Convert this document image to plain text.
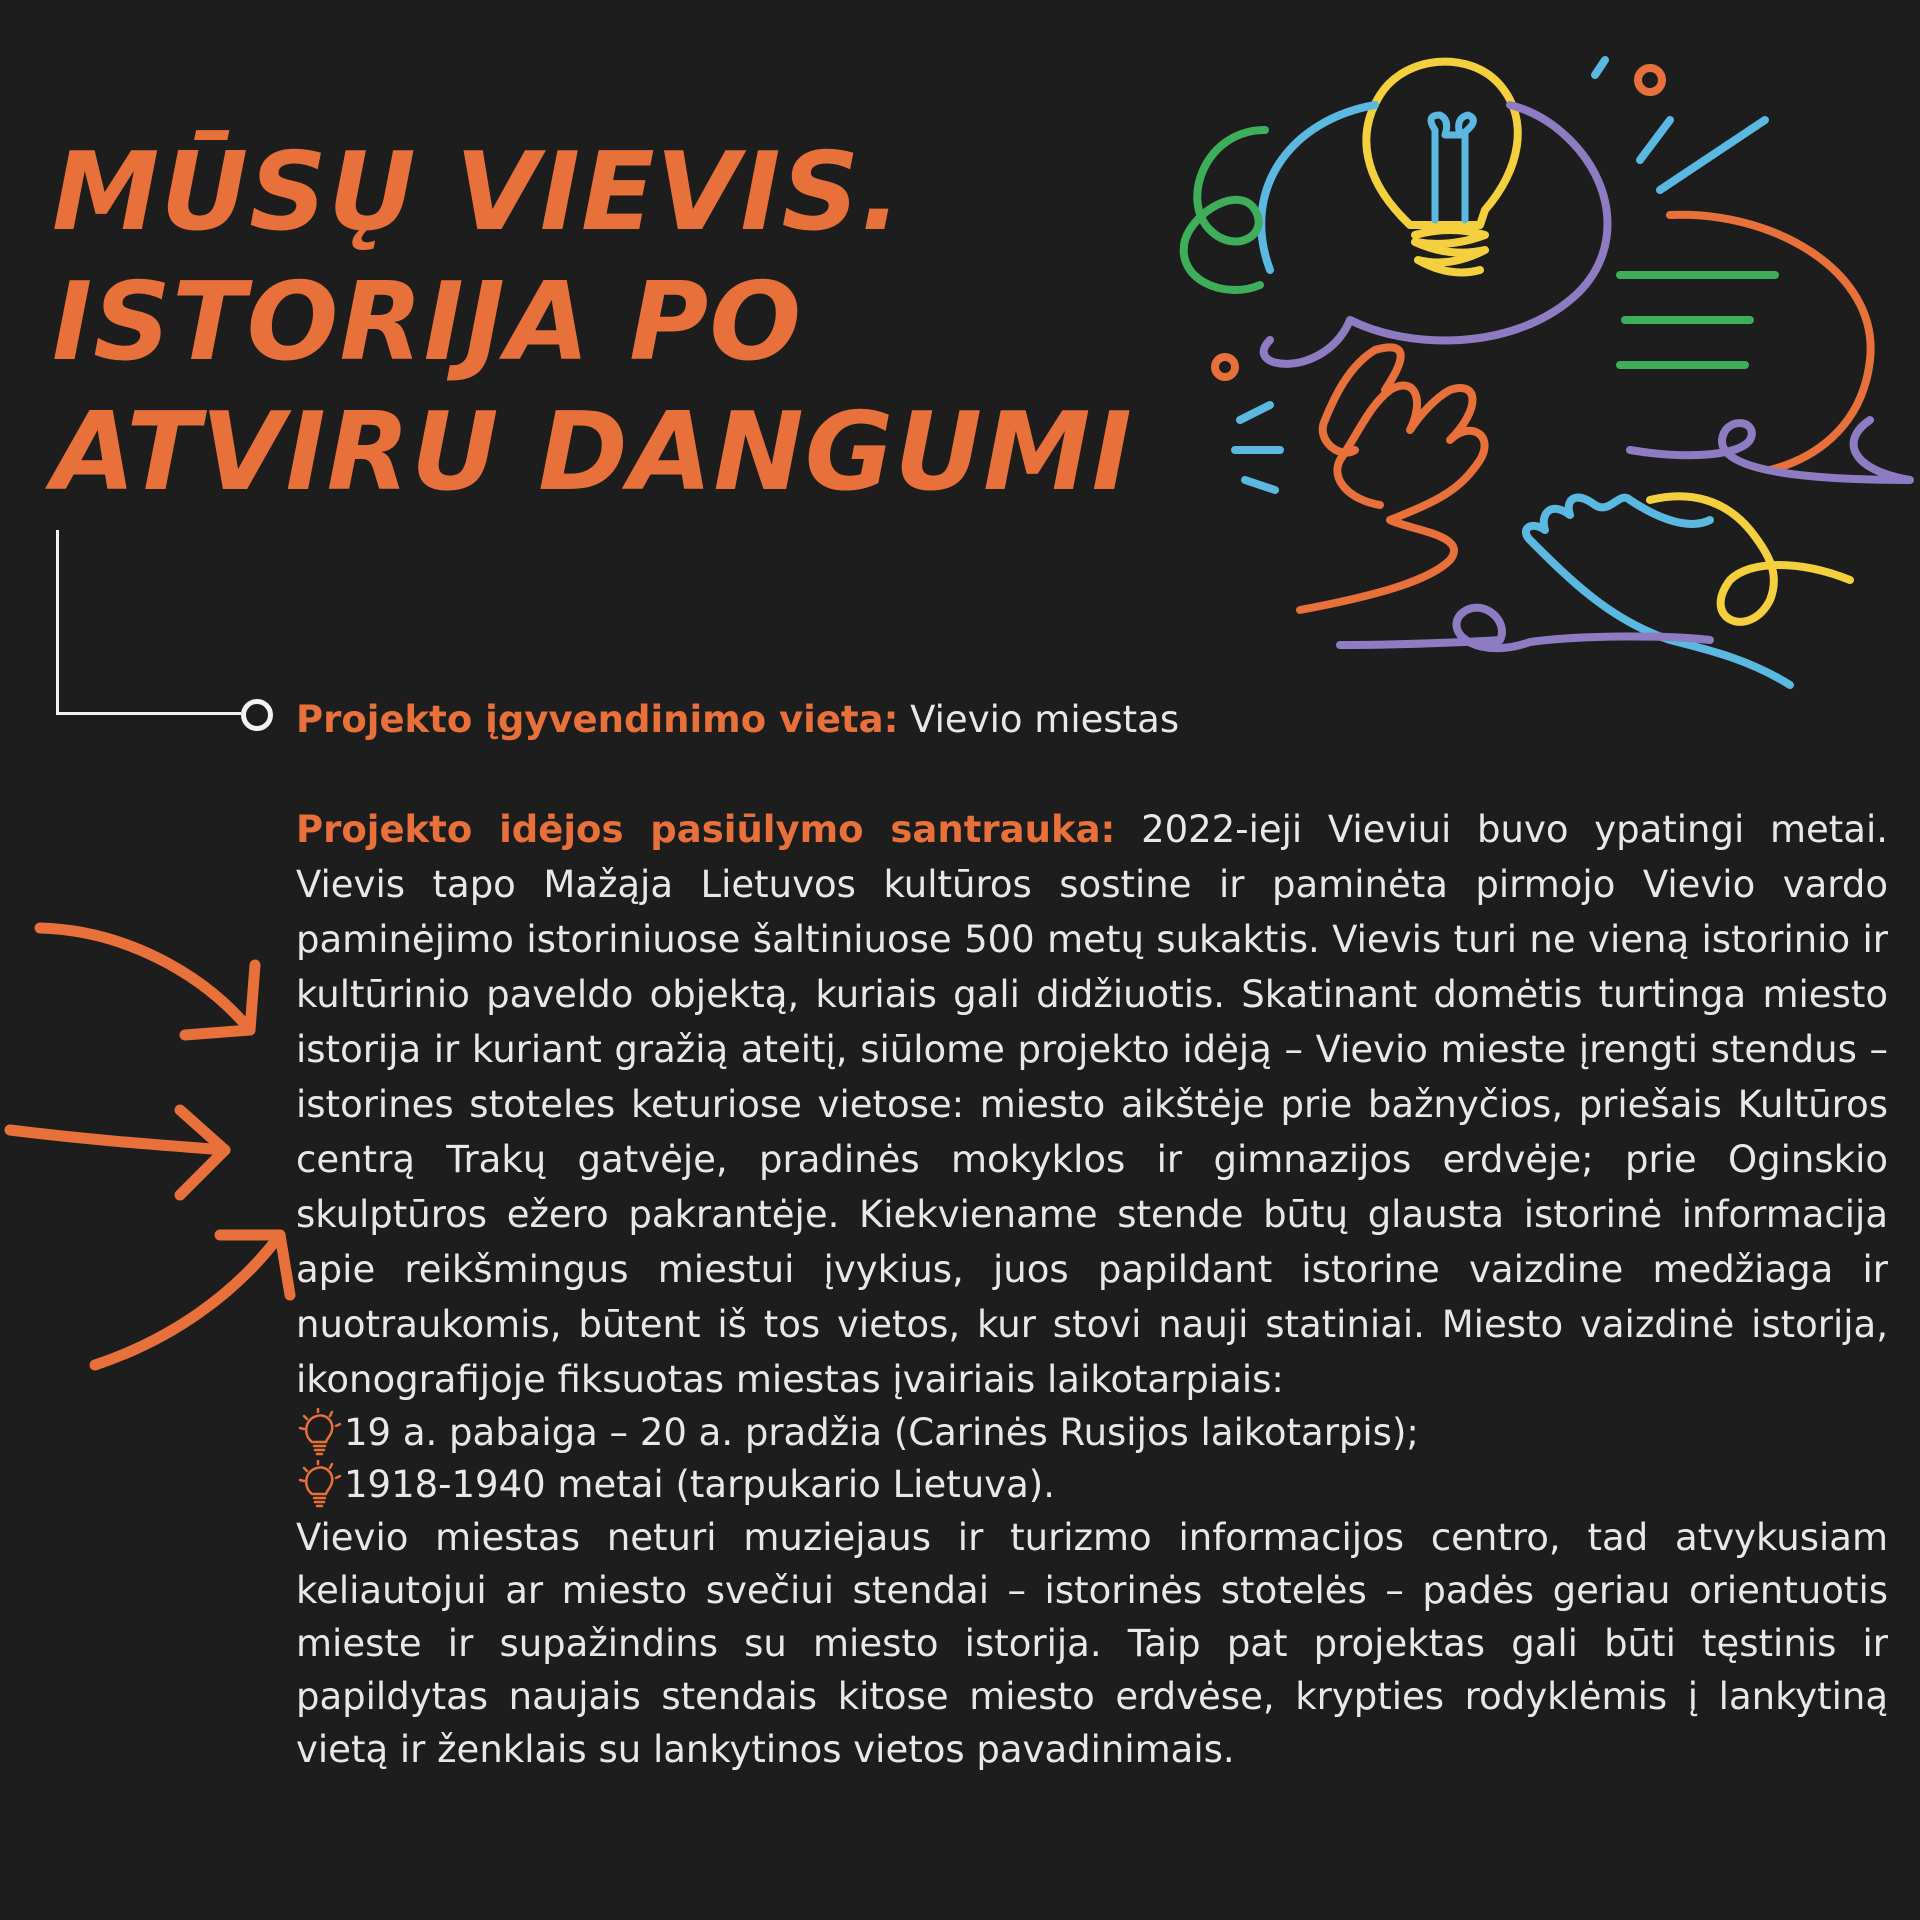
MŪSŲ VIEVIS.
ISTORIJA PO
ATVIRU DANGUMI
Projekto įgyvendinimo vieta: Vievio miestas

Projekto idėjos pasiūlymo santrauka: 2022-ieji Vieviui buvo ypatingi metai. Vievis tapo Mažąja Lietuvos kultūros sostine ir paminėta pirmojo Vievio vardo paminėjimo istoriniuose šaltiniuose 500 metų sukaktis. Vievis turi ne vieną istorinio ir kultūrinio paveldo objektą, kuriais gali didžiuotis. Skatinant domėtis turtinga miesto istorija ir kuriant gražią ateitį, siūlome projekto idėją – Vievio mieste įrengti stendus – istorines stoteles keturiose vietose: miesto aikštėje prie bažnyčios, priešais Kultūros centrą Trakų gatvėje, pradinės mokyklos ir gimnazijos erdvėje; prie Oginskio skulptūros ežero pakrantėje. Kiekviename stende būtų glausta istorinė informacija apie reikšmingus miestui įvykius, juos papildant istorine vaizdine medžiaga ir nuotraukomis, būtent iš tos vietos, kur stovi nauji statiniai. Miesto vaizdinė istorija, ikonografijoje fiksuotas miestas įvairiais laikotarpiais:

19 a. pabaiga – 20 a. pradžia (Carinės Rusijos laikotarpis);
1918-1940 metai (tarpukario Lietuva).

Vievio miestas neturi muziejaus ir turizmo informacijos centro, tad atvykusiam keliautojui ar miesto svečiui stendai – istorinės stotelės – padės geriau orientuotis mieste ir supažindins su miesto istorija. Taip pat projektas gali būti tęstinis ir papildytas naujais stendais kitose miesto erdvėse, krypties rodyklėmis į lankytiną vietą ir ženklais su lankytinos vietos pavadinimais.
